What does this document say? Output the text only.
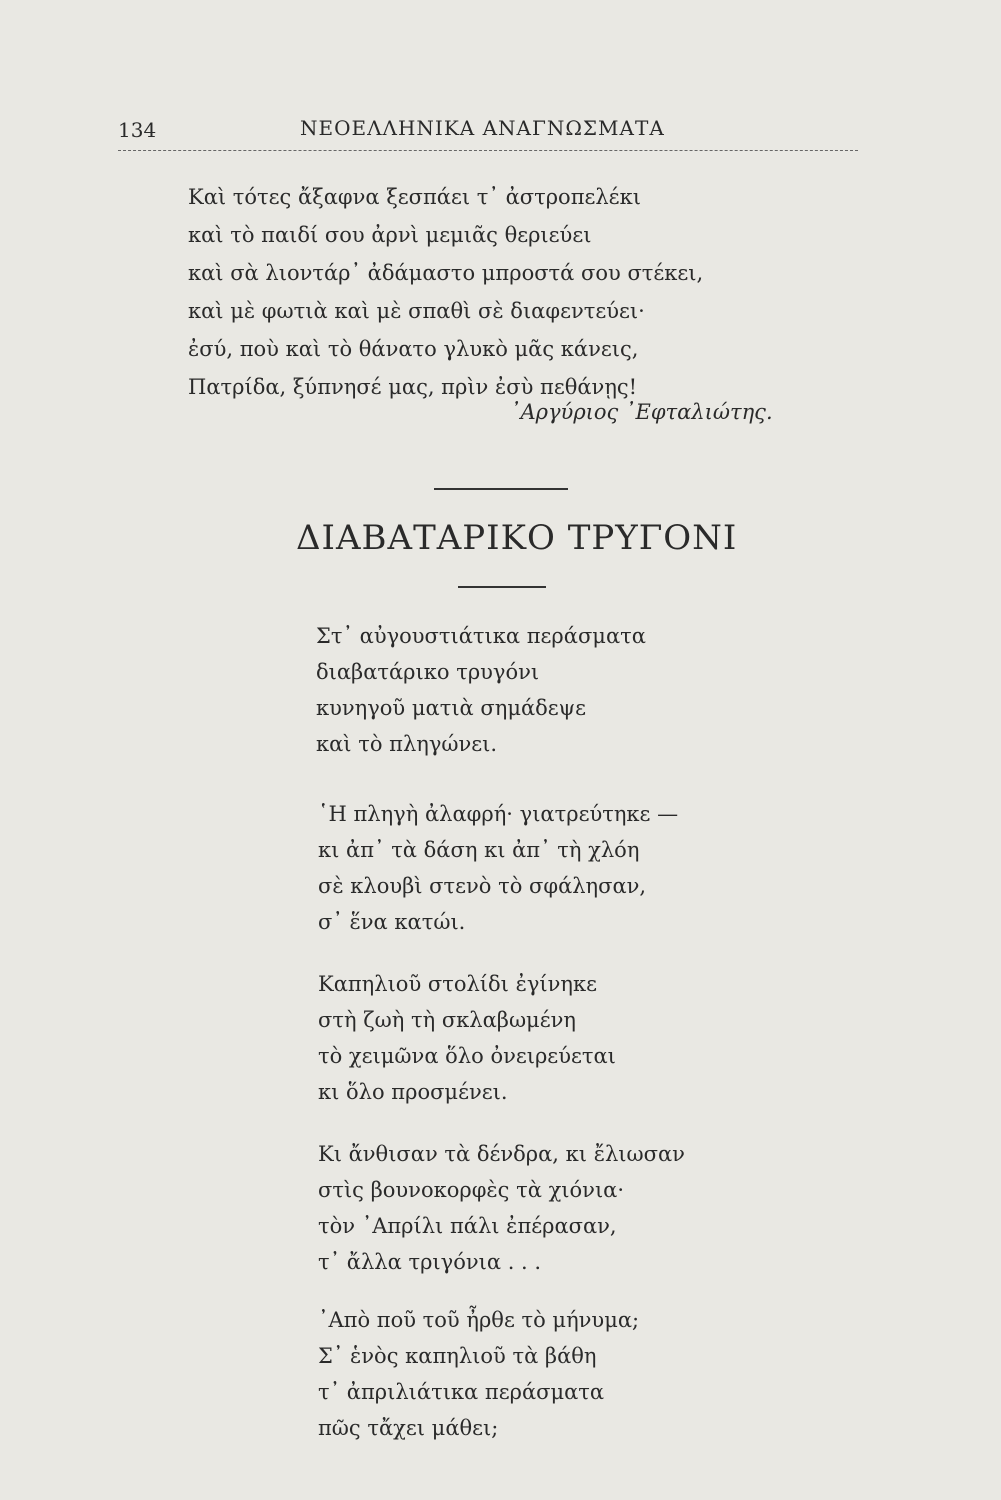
134	ΝΕΟΕΛΛΗΝΙΚΑ ΑΝΑΓΝΩΣΜΑΤΑ
Καὶ τότες ἄξαφνα ξεσπάει τ᾽ ἀστροπελέκι
καὶ τὸ παιδί σου ἀρνὶ μεμιᾶς θεριεύει
καὶ σὰ λιοντάρ᾽ ἀδάμαστο μπροστά σου στέκει,
καὶ μὲ φωτιὰ καὶ μὲ σπαθὶ σὲ διαφεντεύει·
ἐσύ, ποὺ καὶ τὸ θάνατο γλυκὸ μᾶς κάνεις,
Πατρίδα, ξύπνησέ μας, πρὶν ἐσὺ πεθάνῃς!
᾽Αργύριος ᾽Εφταλιώτης.
ΔΙΑΒΑΤΑΡΙΚΟ ΤΡΥΓΟΝΙ
Στ᾽ αὐγουστιάτικα περάσματα
διαβατάρικο τρυγόνι
κυνηγοῦ ματιὰ σημάδεψε
καὶ τὸ πληγώνει.
῾Η πληγὴ ἀλαφρή· γιατρεύτηκε —
κι ἀπ᾽ τὰ δάση κι ἀπ᾽ τὴ χλόη
σὲ κλουβὶ στενὸ τὸ σφάλησαν,
σ᾽ ἕνα κατώι.
Καπηλιοῦ στολίδι ἐγίνηκε
στὴ ζωὴ τὴ σκλαβωμένη
τὸ χειμῶνα ὅλο ὀνειρεύεται
κι ὅλο προσμένει.
Κι ἄνθισαν τὰ δένδρα, κι ἔλιωσαν
στὶς βουνοκορφὲς τὰ χιόνια·
τὸν ᾽Απρίλι πάλι ἐπέρασαν,
τ᾽ ἄλλα τριγόνια . . .
᾽Απὸ ποῦ τοῦ ἦρθε τὸ μήνυμα;
Σ᾽ ἑνὸς καπηλιοῦ τὰ βάθη
τ᾽ ἀπριλιάτικα περάσματα
πῶς τἄχει μάθει;
